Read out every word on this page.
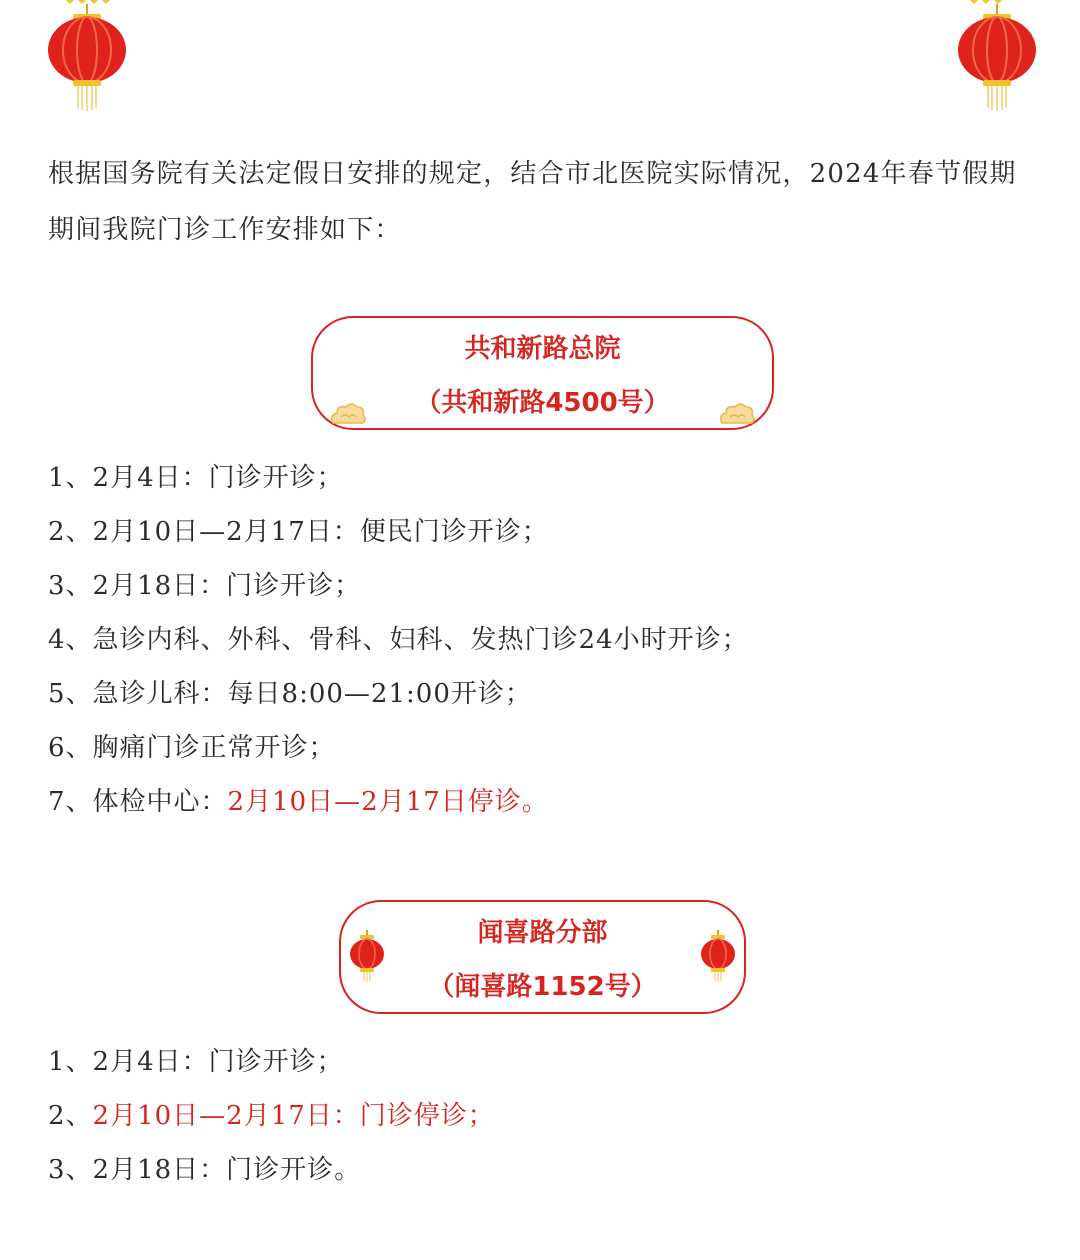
根据国务院有关法定假日安排的规定，结合市北医院实际情况，2024年春节假期期间我院门诊工作安排如下：

共和新路总院
（共和新路4500号）
1、2月4日：门诊开诊；
2、2月10日—2月17日：便民门诊开诊；
3、2月18日：门诊开诊；
4、急诊内科、外科、骨科、妇科、发热门诊24小时开诊；
5、急诊儿科：每日8:00—21:00开诊；
6、胸痛门诊正常开诊；
7、体检中心：2月10日—2月17日停诊。
闻喜路分部
（闻喜路1152号）
1、2月4日：门诊开诊；
2、2月10日—2月17日：门诊停诊；
3、2月18日：门诊开诊。
